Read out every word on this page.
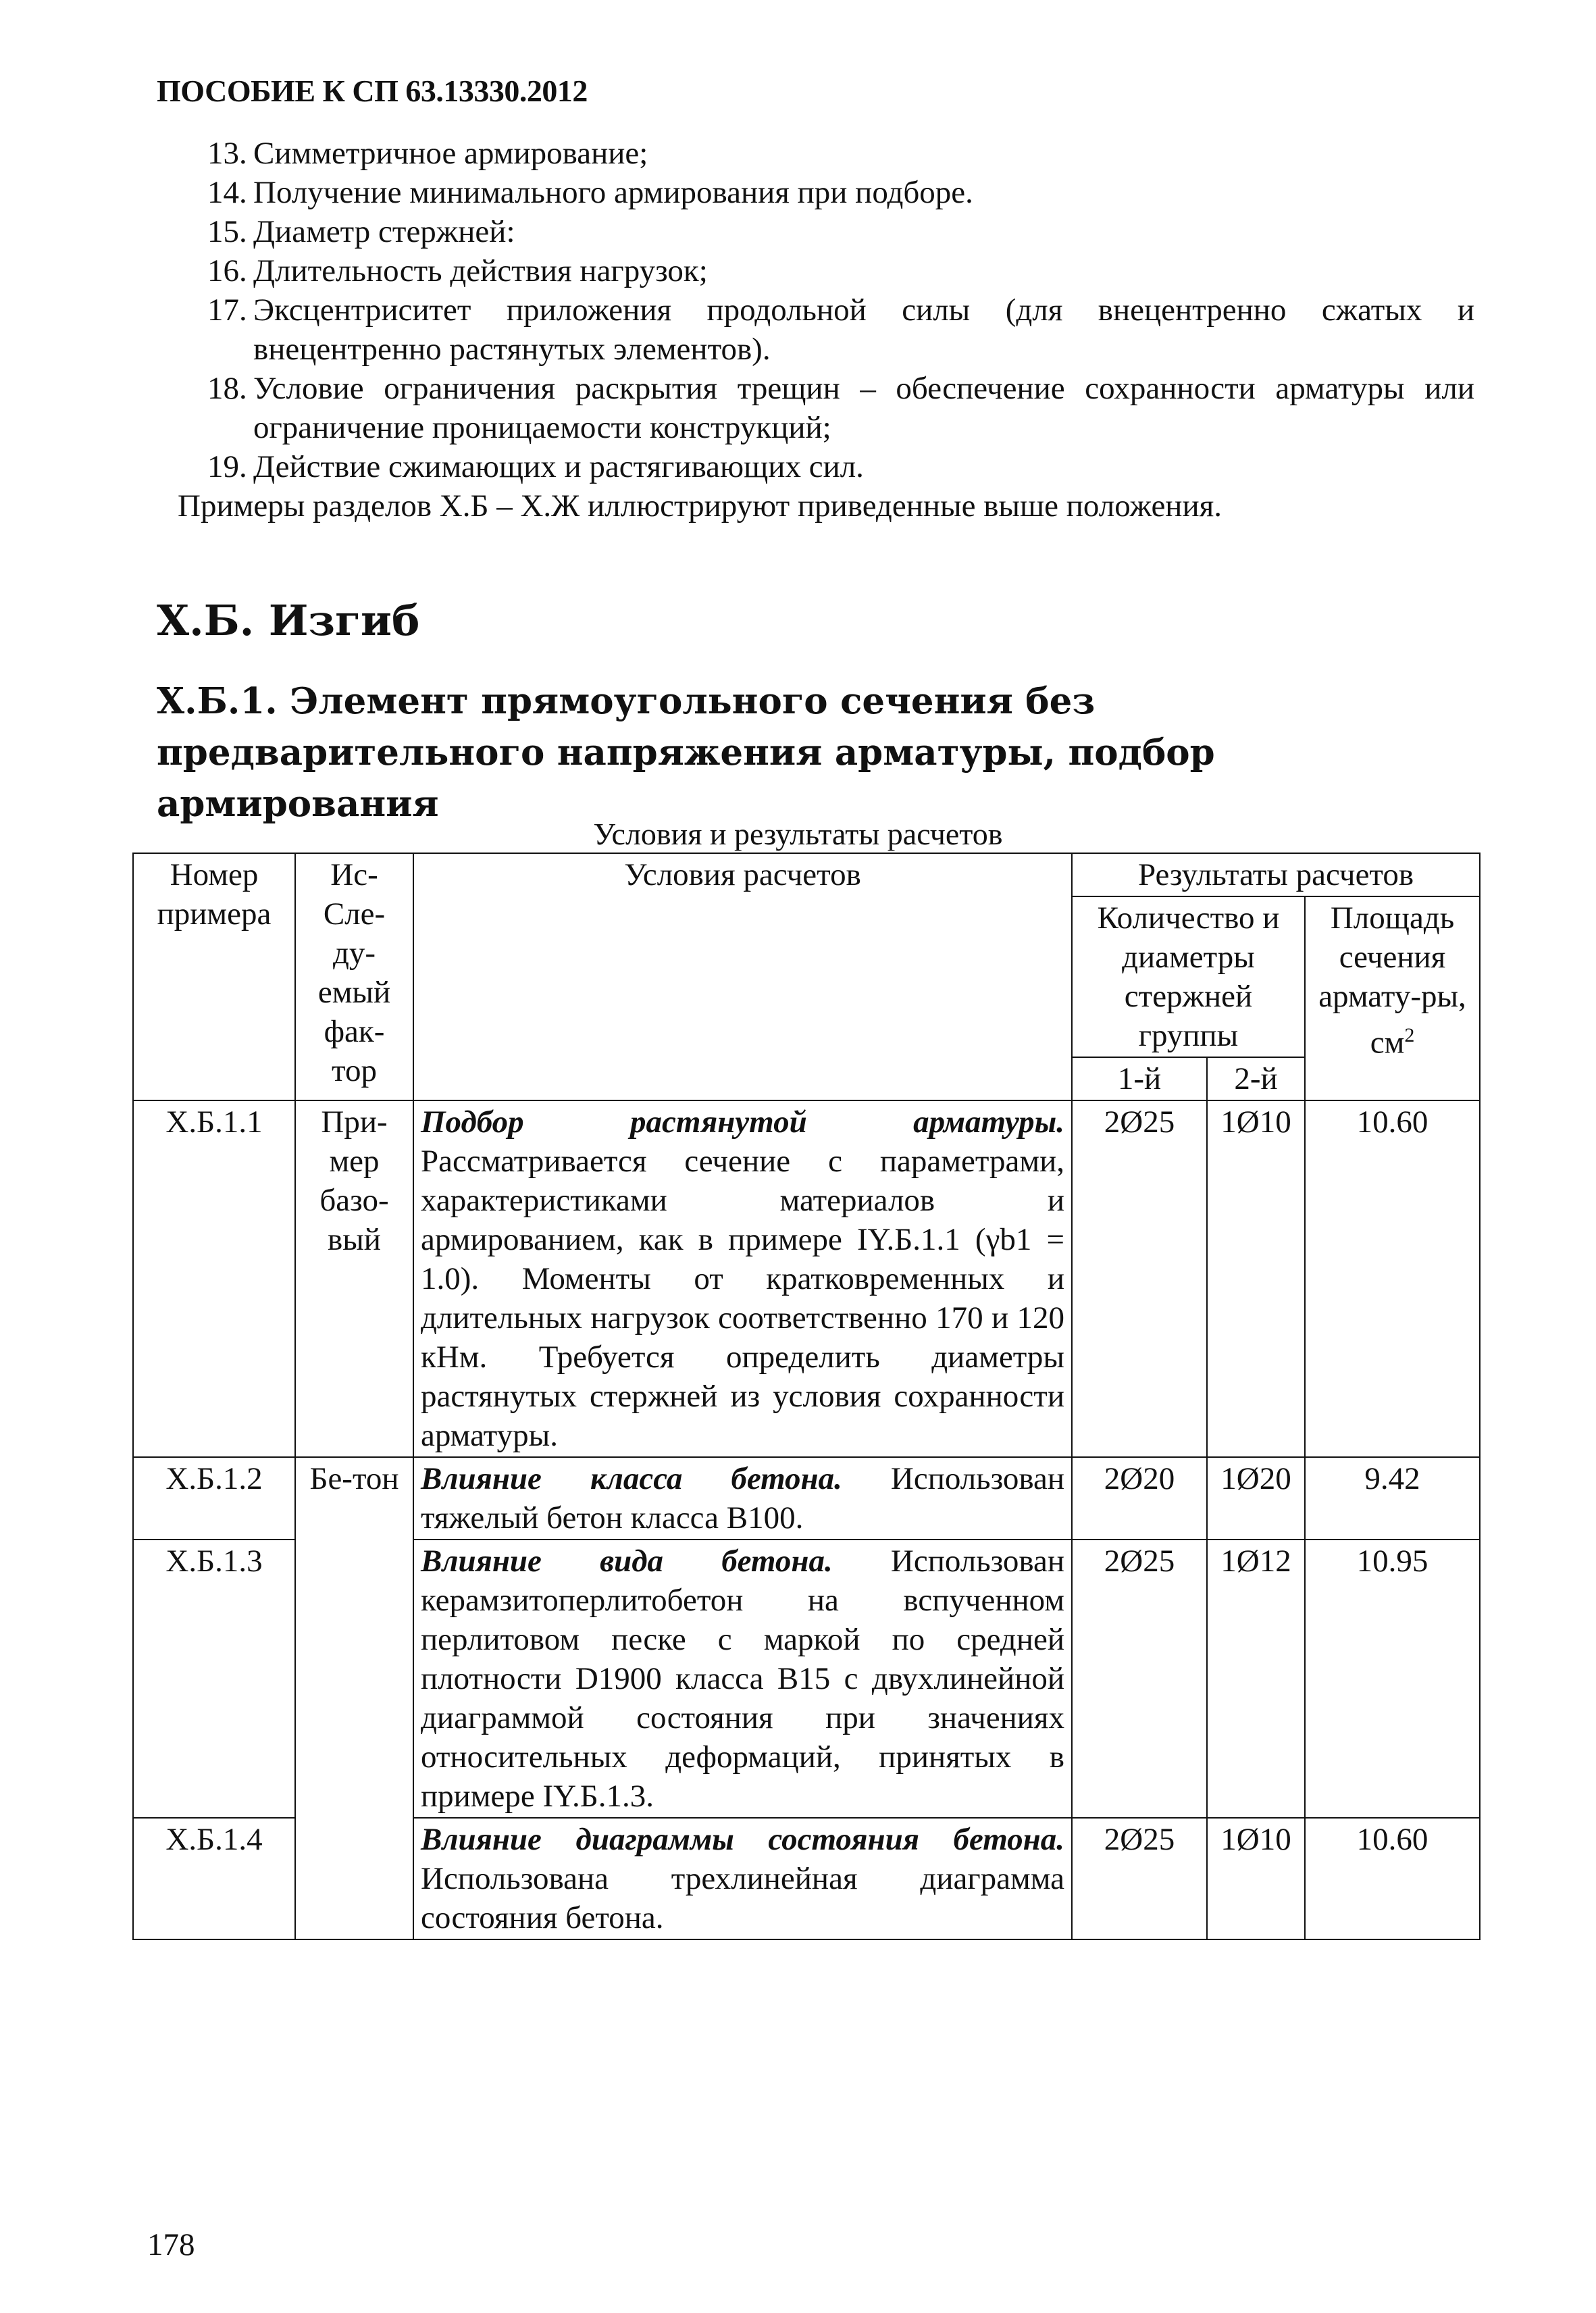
ПОСОБИЕ К СП 63.13330.2012
13. Симметричное армирование;
14. Получение минимального армирования при подборе.
15. Диаметр стержней:
16. Длительность действия нагрузок;
17. Эксцентриситет приложения продольной силы (для внецентренно сжатых и внецентренно растянутых элементов).
18. Условие ограничения раскрытия трещин – обеспечение сохранности арматуры или ограничение проницаемости конструкций;
19. Действие сжимающих и растягивающих сил.
Примеры разделов Х.Б – Х.Ж иллюстрируют приведенные выше положения.
Х.Б. Изгиб
Х.Б.1. Элемент прямоугольного сечения без предварительного напряжения арматуры, подбор армирования
Условия и результаты расчетов
Номер примера	Ис-Сле-ду-емый фак-тор	Условия расчетов	Результаты расчетов		
			Количество и диаметры стержней группы		Площадь сечения армату-ры, $см^2$
			1-й	2-й	
Х.Б.1.1	При-мер базо-вый	Подбор растянутой арматуры. Рассматривается сечение с параметрами, характеристиками материалов и армированием, как в примере IY.Б.1.1 (γb1 = 1.0). Моменты от кратковременных и длительных нагрузок соответственно 170 и 120 кНм. Требуется определить диаметры растянутых стержней из условия сохранности арматуры.	2Ø25	1Ø10	10.60
Х.Б.1.2	Бе-тон	Влияние класса бетона. Использован тяжелый бетон класса В100.	2Ø20	1Ø20	9.42
Х.Б.1.3		Влияние вида бетона. Использован керамзитоперлитобетон на вспученном перлитовом песке с маркой по средней плотности D1900 класса В15 с двухлинейной диаграммой состояния при значениях относительных деформаций, принятых в примере IY.Б.1.3.	2Ø25	1Ø12	10.95
Х.Б.1.4		Влияние диаграммы состояния бетона. Использована трехлинейная диаграмма состояния бетона.	2Ø25	1Ø10	10.60
178
